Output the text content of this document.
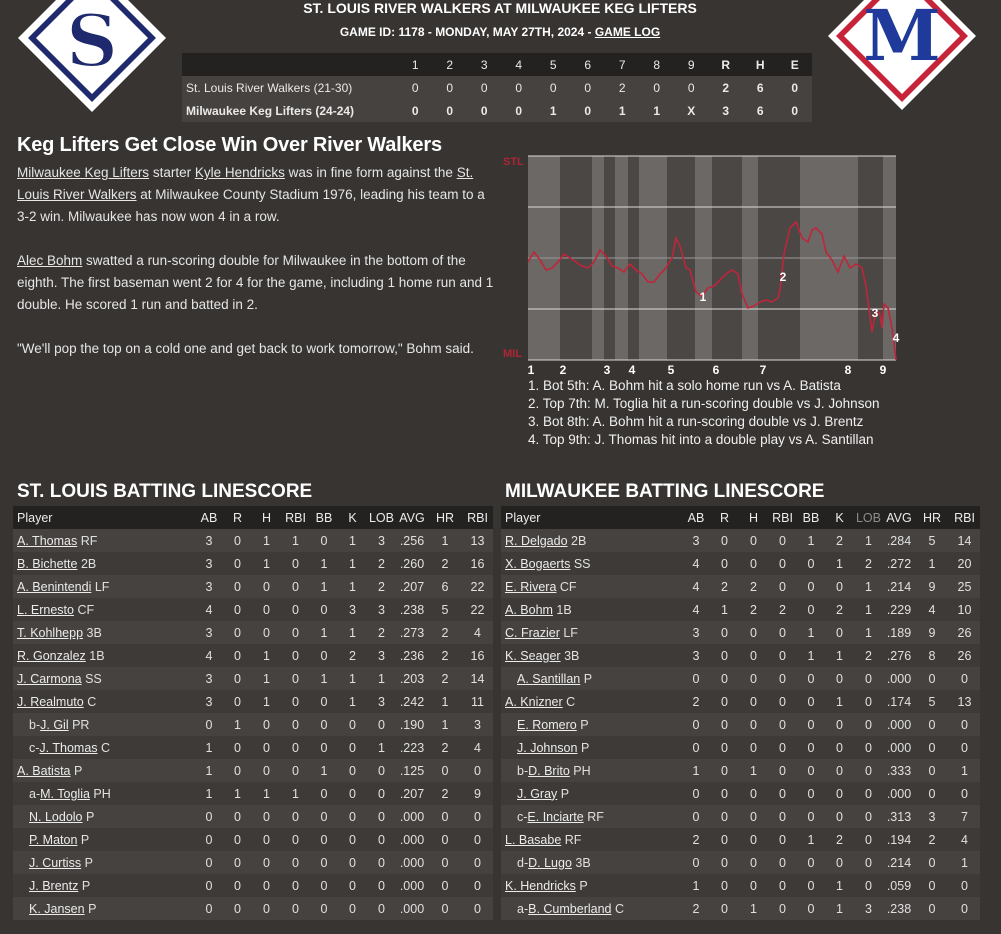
S	M
ST. LOUIS RIVER WALKERS AT MILWAUKEE KEG LIFTERS
GAME ID: 1178 - MONDAY, MAY 27TH, 2024 - GAME LOG
	1	2	3	4	5	6	7	8	9	R	H	E
St. Louis River Walkers (21-30)	0	0	0	0	0	0	2	0	0	2	6	0
Milwaukee Keg Lifters (24-24)	0	0	0	0	1	0	1	1	X	3	6	0
Keg Lifters Get Close Win Over River Walkers
Milwaukee Keg Lifters starter Kyle Hendricks was in fine form against the St. Louis River Walkers at Milwaukee County Stadium 1976, leading his team to a 3-2 win. Milwaukee has now won 4 in a row.
Alec Bohm swatted a run-scoring double for Milwaukee in the bottom of the eighth. The first baseman went 2 for 4 for the game, including 1 home run and 1 double. He scored 1 run and batted in 2.
"We'll pop the top on a cold one and get back to work tomorrow," Bohm said.
STL
MIL
1
2
3
4
1 2	3 4	5	6	7	8 9
1. Bot 5th: A. Bohm hit a solo home run vs A. Batista
2. Top 7th: M. Toglia hit a run-scoring double vs J. Johnson
3. Bot 8th: A. Bohm hit a run-scoring double vs J. Brentz
4. Top 9th: J. Thomas hit into a double play vs A. Santillan
ST. LOUIS BATTING LINESCORE	MILWAUKEE BATTING LINESCORE
Player	AB	R	H	RBI	BB	K	LOB	AVG	HR	RBI
A. Thomas RF	3	0	1	1	0	1	3	.256	1	13
B. Bichette 2B	3	0	1	0	1	1	2	.260	2	16
A. Benintendi LF	3	0	0	0	1	1	2	.207	6	22
L. Ernesto CF	4	0	0	0	0	3	3	.238	5	22
T. Kohlhepp 3B	3	0	0	0	1	1	2	.273	2	4
R. Gonzalez 1B	4	0	1	0	0	2	3	.236	2	16
J. Carmona SS	3	0	1	0	1	1	1	.203	2	14
J. Realmuto C	3	0	1	0	0	1	3	.242	1	11
b-J. Gil PR	0	1	0	0	0	0	0	.190	1	3
c-J. Thomas C	1	0	0	0	0	0	1	.223	2	4
A. Batista P	1	0	0	0	1	0	0	.125	0	0
a-M. Toglia PH	1	1	1	1	0	0	0	.207	2	9
N. Lodolo P	0	0	0	0	0	0	0	.000	0	0
P. Maton P	0	0	0	0	0	0	0	.000	0	0
J. Curtiss P	0	0	0	0	0	0	0	.000	0	0
J. Brentz P	0	0	0	0	0	0	0	.000	0	0
K. Jansen P	0	0	0	0	0	0	0	.000	0	0
Player	AB	R	H	RBI	BB	K	LOB	AVG	HR	RBI
R. Delgado 2B	3	0	0	0	1	2	1	.284	5	14
X. Bogaerts SS	4	0	0	0	0	1	2	.272	1	20
E. Rivera CF	4	2	2	0	0	0	1	.214	9	25
A. Bohm 1B	4	1	2	2	0	2	1	.229	4	10
C. Frazier LF	3	0	0	0	1	0	1	.189	9	26
K. Seager 3B	3	0	0	0	1	1	2	.276	8	26
A. Santillan P	0	0	0	0	0	0	0	.000	0	0
A. Knizner C	2	0	0	0	0	1	0	.174	5	13
E. Romero P	0	0	0	0	0	0	0	.000	0	0
J. Johnson P	0	0	0	0	0	0	0	.000	0	0
b-D. Brito PH	1	0	1	0	0	0	0	.333	0	1
J. Gray P	0	0	0	0	0	0	0	.000	0	0
c-E. Inciarte RF	0	0	0	0	0	0	0	.313	3	7
L. Basabe RF	2	0	0	0	1	2	0	.194	2	4
d-D. Lugo 3B	0	0	0	0	0	0	0	.214	0	1
K. Hendricks P	1	0	0	0	0	1	0	.059	0	0
a-B. Cumberland C	2	0	1	0	0	1	3	.238	0	0
